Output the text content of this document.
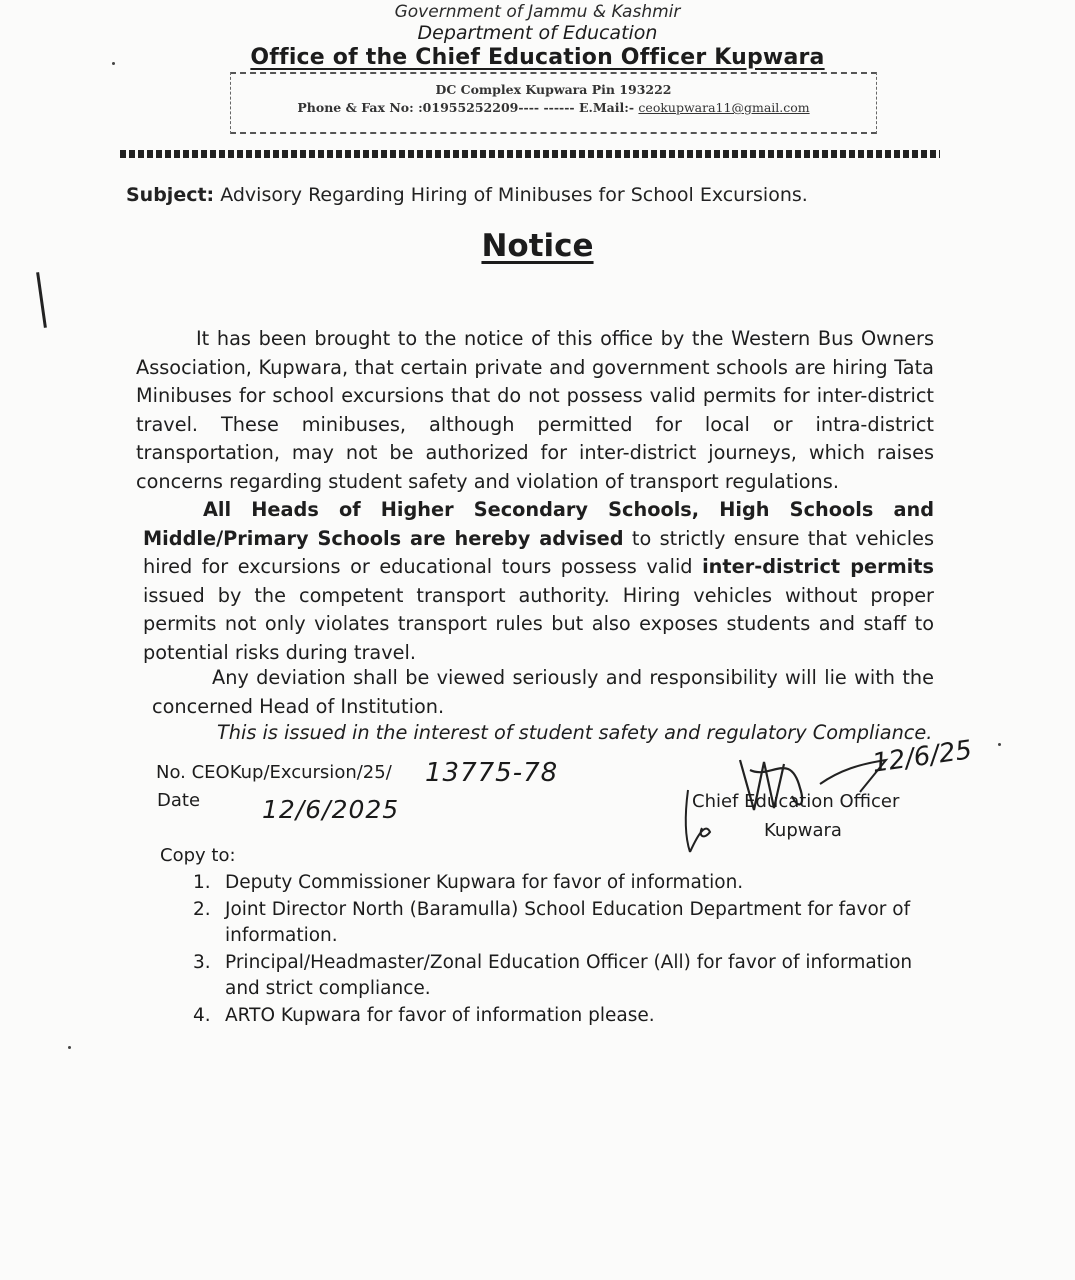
Government of Jammu & Kashmir
Department of Education
Office of the Chief Education Officer Kupwara
DC Complex Kupwara Pin 193222
Phone & Fax No: :01955252209---- ------ E.Mail:- ceokupwara11@gmail.com
Subject: Advisory Regarding Hiring of Minibuses for School Excursions.
Notice
It has been brought to the notice of this office by the Western Bus Owners Association, Kupwara, that certain private and government schools are hiring Tata Minibuses for school excursions that do not possess valid permits for inter-district travel. These minibuses, although permitted for local or intra-district transportation, may not be authorized for inter-district journeys, which raises concerns regarding student safety and violation of transport regulations.
All Heads of Higher Secondary Schools, High Schools and Middle/Primary Schools are hereby advised to strictly ensure that vehicles hired for excursions or educational tours possess valid inter-district permits issued by the competent transport authority. Hiring vehicles without proper permits not only violates transport rules but also exposes students and staff to potential risks during travel.
Any deviation shall be viewed seriously and responsibility will lie with the concerned Head of Institution.
This is issued in the interest of student safety and regulatory Compliance.
No. CEOKup/Excursion/25/ 13775-78
Date 12/6/2025	Chief Education Officer
Kupwara
12/6/25
Copy to:
1. Deputy Commissioner Kupwara for favor of information.
2. Joint Director North (Baramulla) School Education Department for favor of information.
3. Principal/Headmaster/Zonal Education Officer (All) for favor of information and strict compliance.
4. ARTO Kupwara for favor of information please.
